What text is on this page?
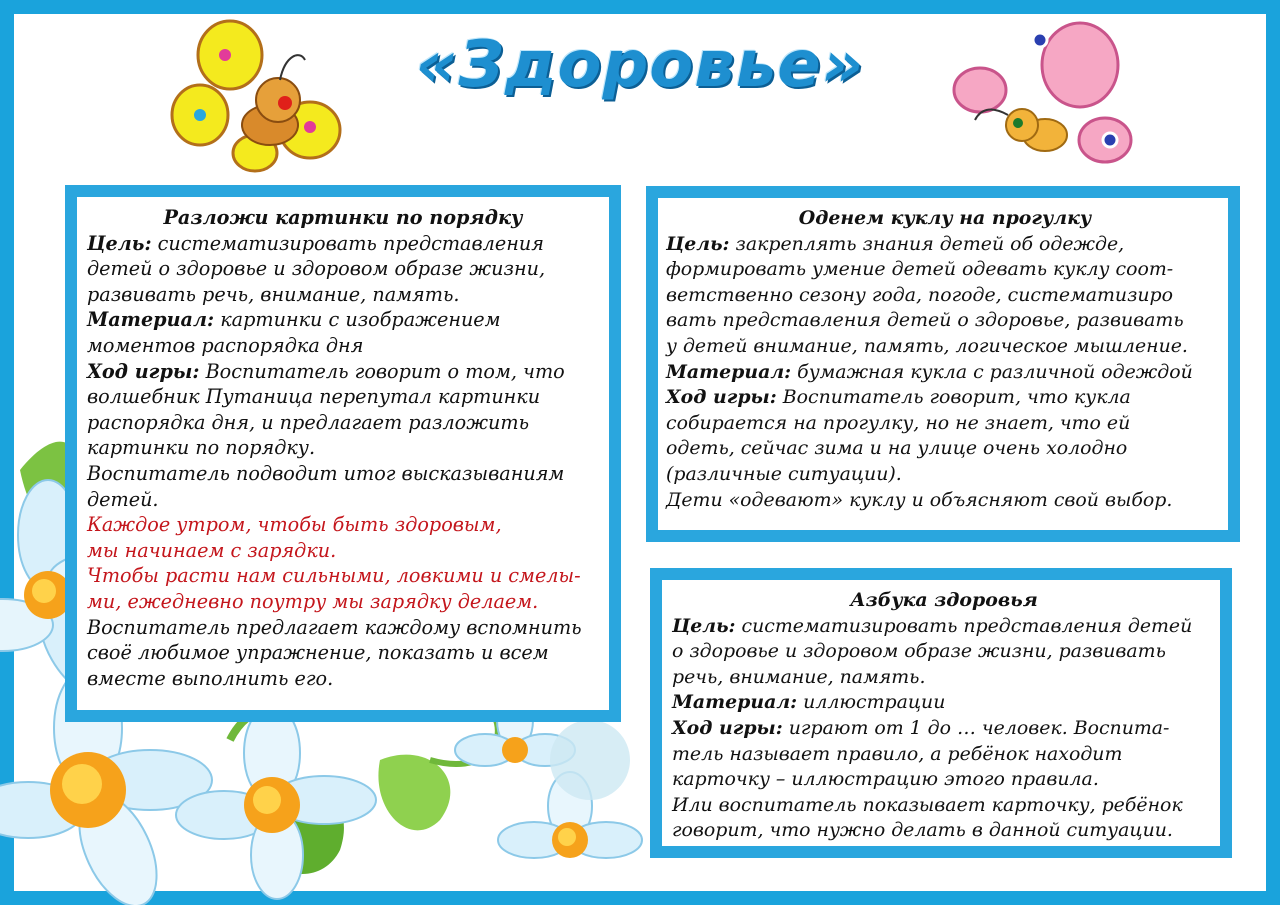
«Здоровье»
Разложи картинки по порядку
Цель: систематизировать представления
детей о здоровье и здоровом образе жизни,
развивать речь, внимание, память.
Материал: картинки с изображением
моментов распорядка дня
Ход игры: Воспитатель говорит о том, что
волшебник Путаница перепутал картинки
распорядка дня, и предлагает разложить
картинки по порядку.
Воспитатель подводит итог высказываниям
детей.
Каждое утром, чтобы быть здоровым,
мы начинаем с зарядки.
Чтобы расти нам сильными, ловкими и смелы-
ми, ежедневно поутру мы зарядку делаем.
Воспитатель предлагает каждому вспомнить
своё любимое упражнение, показать и всем
вместе выполнить его.
Оденем куклу на прогулку
Цель: закреплять знания детей об одежде,
формировать умение детей одевать куклу соот-
ветственно сезону года, погоде, систематизиро
вать представления детей о здоровье, развивать
у детей внимание, память, логическое мышление.
Материал: бумажная кукла с различной одеждой
Ход игры: Воспитатель говорит, что кукла
собирается на прогулку, но не знает, что ей
одеть, сейчас зима и на улице очень холодно
(различные ситуации).
Дети «одевают» куклу и объясняют свой выбор.
Азбука здоровья
Цель: систематизировать представления детей
о здоровье и здоровом образе жизни, развивать
речь, внимание, память.
Материал: иллюстрации
Ход игры: играют от 1 до … человек. Воспита-
тель называет правило, а ребёнок находит
карточку – иллюстрацию этого правила.
Или воспитатель показывает карточку, ребёнок
говорит, что нужно делать в данной ситуации.
